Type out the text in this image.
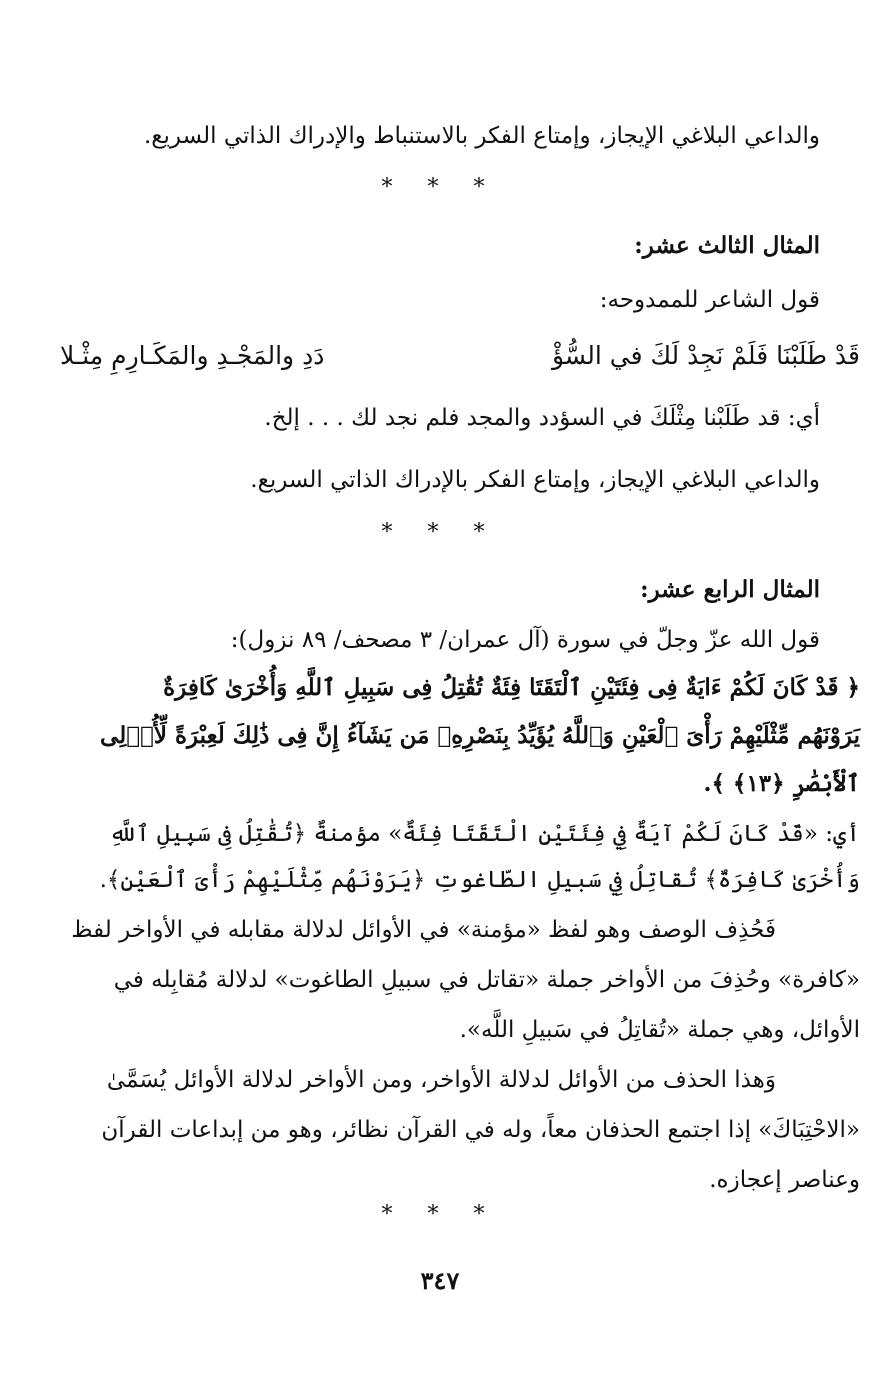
والداعي البلاغي الإيجاز، وإمتاع الفكر بالاستنباط والإدراك الذاتي السريع.
* * *
المثال الثالث عشر:
قول الشاعر للممدوحه:
قَدْ طَلَبْنَا فَلَمْ نَجِدْ لَكَ في السُّؤْ
دَدِ والمَجْـدِ والمَكَـارِمِ مِثْـلا
أي: قد طَلَبْنا مِثْلَكَ في السؤدد والمجد فلم نجد لك . . . إلخ.
والداعي البلاغي الإيجاز، وإمتاع الفكر بالإدراك الذاتي السريع.
* * *
المثال الرابع عشر:
قول الله عزّ وجلّ في سورة (آل عمران/ ٣ مصحف/ ٨٩ نزول):
﴿ قَدْ كَانَ لَكُمْ ءَايَةٌ فِى فِئَتَيْنِ ٱلْتَقَتَا فِئَةٌ تُقَٰتِلُ فِى سَبِيلِ ٱللَّهِ وَأُخْرَىٰ كَافِرَةٌ
يَرَوْنَهُم مِّثْلَيْهِمْ رَأْىَ ٱلْعَيْنِ وَٱللَّهُ يُؤَيِّدُ بِنَصْرِهِۦ مَن يَشَآءُ إِنَّ فِى ذَٰلِكَ لَعِبْرَةً لِّأُو۟لِى
ٱلْأَبْصَٰرِ ﴿١٣﴾ ﴾.
أي: «قَدْ كَانَ لَكُمْ آيَةٌ فِي فِئَتَيْنِ الْتَقَتَا فِئَةٌ» مؤمنةٌ ﴿تُقَٰتِلُ فِى سَبِيلِ ٱللَّهِ
وَأُخْرَىٰ كَافِرَةٌ﴾ تُقاتِلُ فِي سَبيلِ الطّاغوتِ ﴿يَرَوْنَهُم مِّثْلَيْهِمْ رَأْىَ ٱلْعَيْنِ﴾.
فَحُذِف الوصف وهو لفظ «مؤمنة» في الأوائل لدلالة مقابله في الأواخر لفظ
«كافرة» وحُذِفَ من الأواخر جملة «تقاتل في سبيلِ الطاغوت» لدلالة مُقابِله في
الأوائل، وهي جملة «تُقاتِلُ في سَبيلِ اللَّه».
وَهذا الحذف من الأوائل لدلالة الأواخر، ومن الأواخر لدلالة الأوائل يُسَمَّىٰ
«الاحْتِبَاكَ» إذا اجتمع الحذفان معاً، وله في القرآن نظائر، وهو من إبداعات القرآن
وعناصر إعجازه.
* * *
٣٤٧
